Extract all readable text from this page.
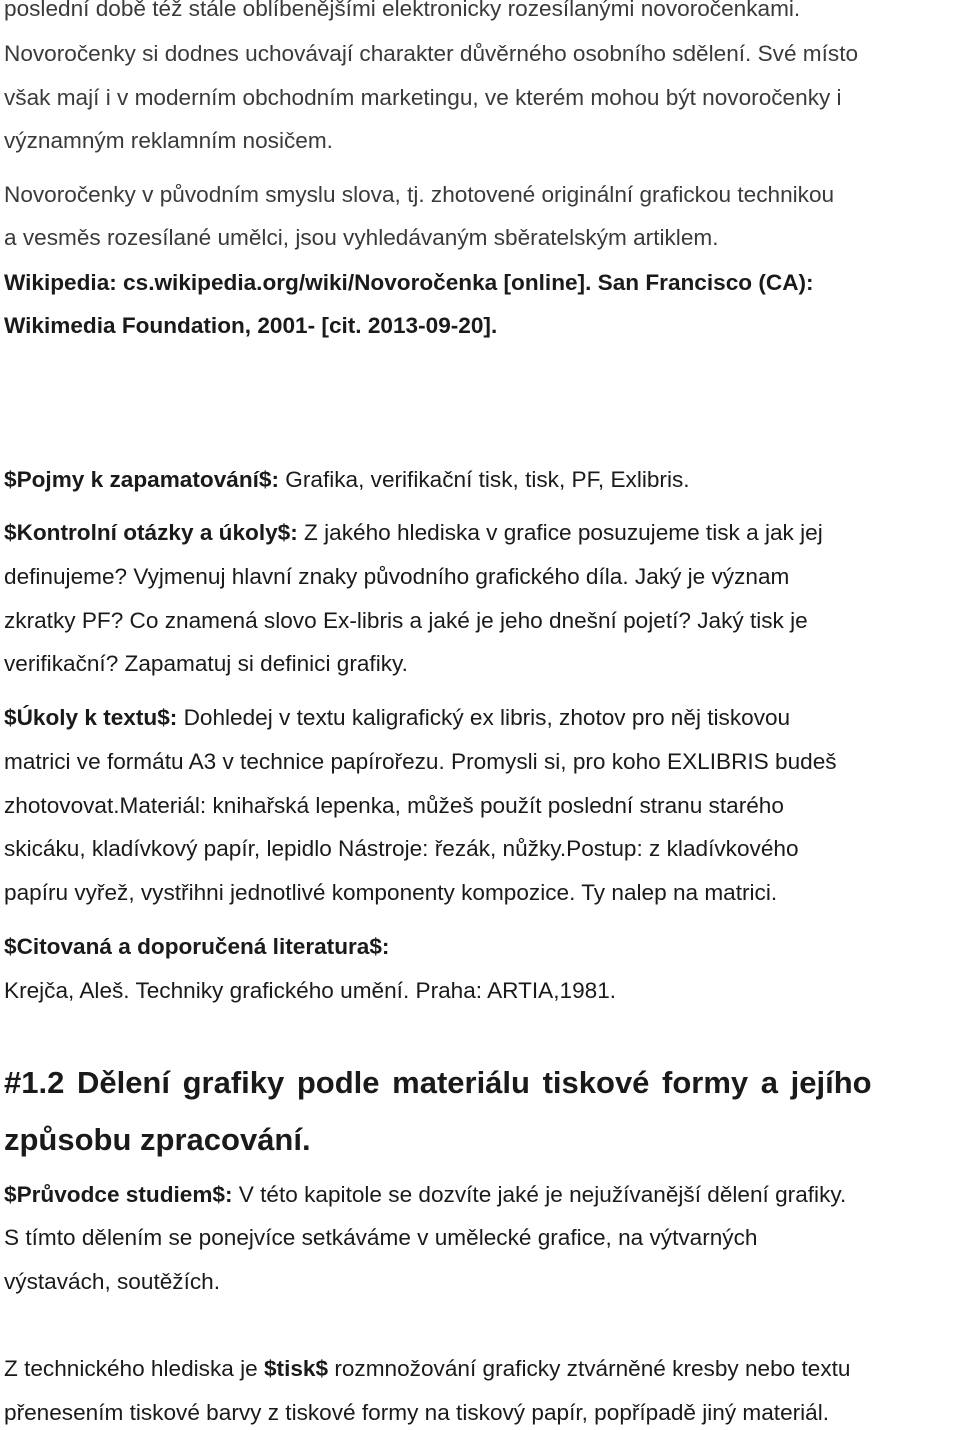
poslední době též stále oblíbenějšími elektronicky rozesílanými novoročenkami.
Novoročenky si dodnes uchovávají charakter důvěrného osobního sdělení. Své místo
však mají i v moderním obchodním marketingu, ve kterém mohou být novoročenky i
významným reklamním nosičem.
Novoročenky v původním smyslu slova, tj. zhotovené originální grafickou technikou
a vesměs rozesílané umělci, jsou vyhledávaným sběratelským artiklem.
Wikipedia: cs.wikipedia.org/wiki/Novoročenka [online]. San Francisco (CA):
Wikimedia Foundation, 2001- [cit. 2013-09-20].
$Pojmy k zapamatování$: Grafika, verifikační tisk, tisk, PF, Exlibris.
$Kontrolní otázky a úkoly$: Z jakého hlediska v grafice posuzujeme tisk a jak jej
definujeme? Vyjmenuj hlavní znaky původního grafického díla. Jaký je význam
zkratky PF? Co znamená slovo Ex-libris a jaké je jeho dnešní pojetí? Jaký tisk je
verifikační? Zapamatuj si definici grafiky.
$Úkoly k textu$: Dohledej v textu kaligrafický ex libris, zhotov pro něj tiskovou
matrici ve formátu A3 v technice papírořezu. Promysli si, pro koho EXLIBRIS budeš
zhotovovat.Materiál: knihařská lepenka, můžeš použít poslední stranu starého
skicáku, kladívkový papír, lepidlo Nástroje: řezák, nůžky.Postup: z kladívkového
papíru vyřež, vystřihni jednotlivé komponenty kompozice. Ty nalep na matrici.
$Citovaná a doporučená literatura$:
Krejča, Aleš. Techniky grafického umění. Praha: ARTIA,1981.
#1.2 Dělení grafiky podle materiálu tiskové formy a jejího
způsobu zpracování.
$Průvodce studiem$: V této kapitole se dozvíte jaké je nejužívanější dělení grafiky.
S tímto dělením se ponejvíce setkáváme v umělecké grafice, na výtvarných
výstavách, soutěžích.
Z technického hlediska je $tisk$ rozmnožování graficky ztvárněné kresby nebo textu
přenesením tiskové barvy z tiskové formy na tiskový papír, popřípadě jiný materiál.
